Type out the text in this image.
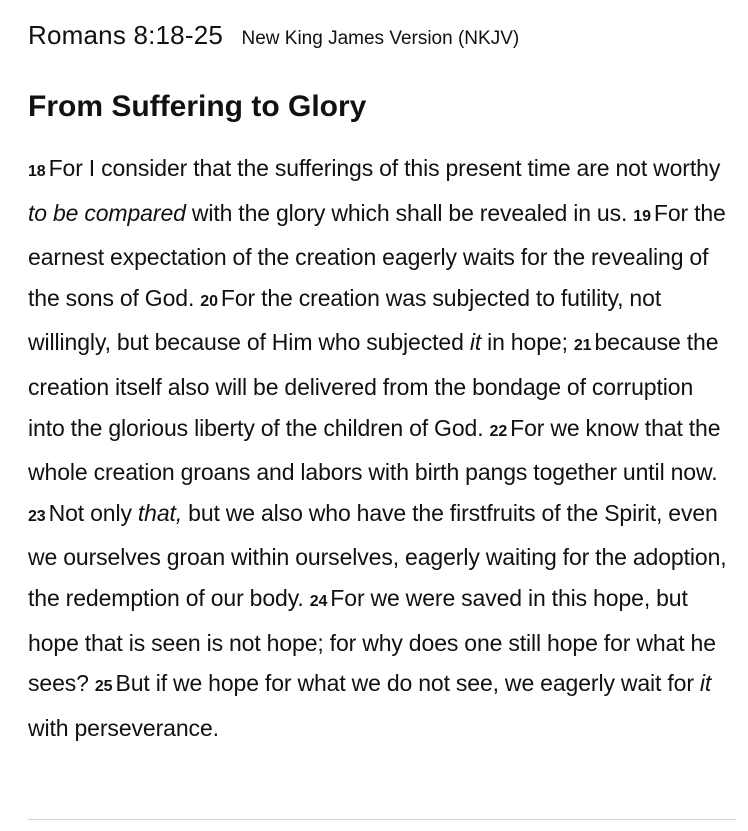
Romans 8:18-25 New King James Version (NKJV)
From Suffering to Glory

18 For I consider that the sufferings of this present time are not worthy to be compared with the glory which shall be revealed in us. 19 For the earnest expectation of the creation eagerly waits for the revealing of the sons of God. 20 For the creation was subjected to futility, not willingly, but because of Him who subjected it in hope; 21 because the creation itself also will be delivered from the bondage of corruption into the glorious liberty of the children of God. 22 For we know that the whole creation groans and labors with birth pangs together until now. 23 Not only that, but we also who have the firstfruits of the Spirit, even we ourselves groan within ourselves, eagerly waiting for the adoption, the redemption of our body. 24 For we were saved in this hope, but hope that is seen is not hope; for why does one still hope for what he sees? 25 But if we hope for what we do not see, we eagerly wait for it with perseverance.
